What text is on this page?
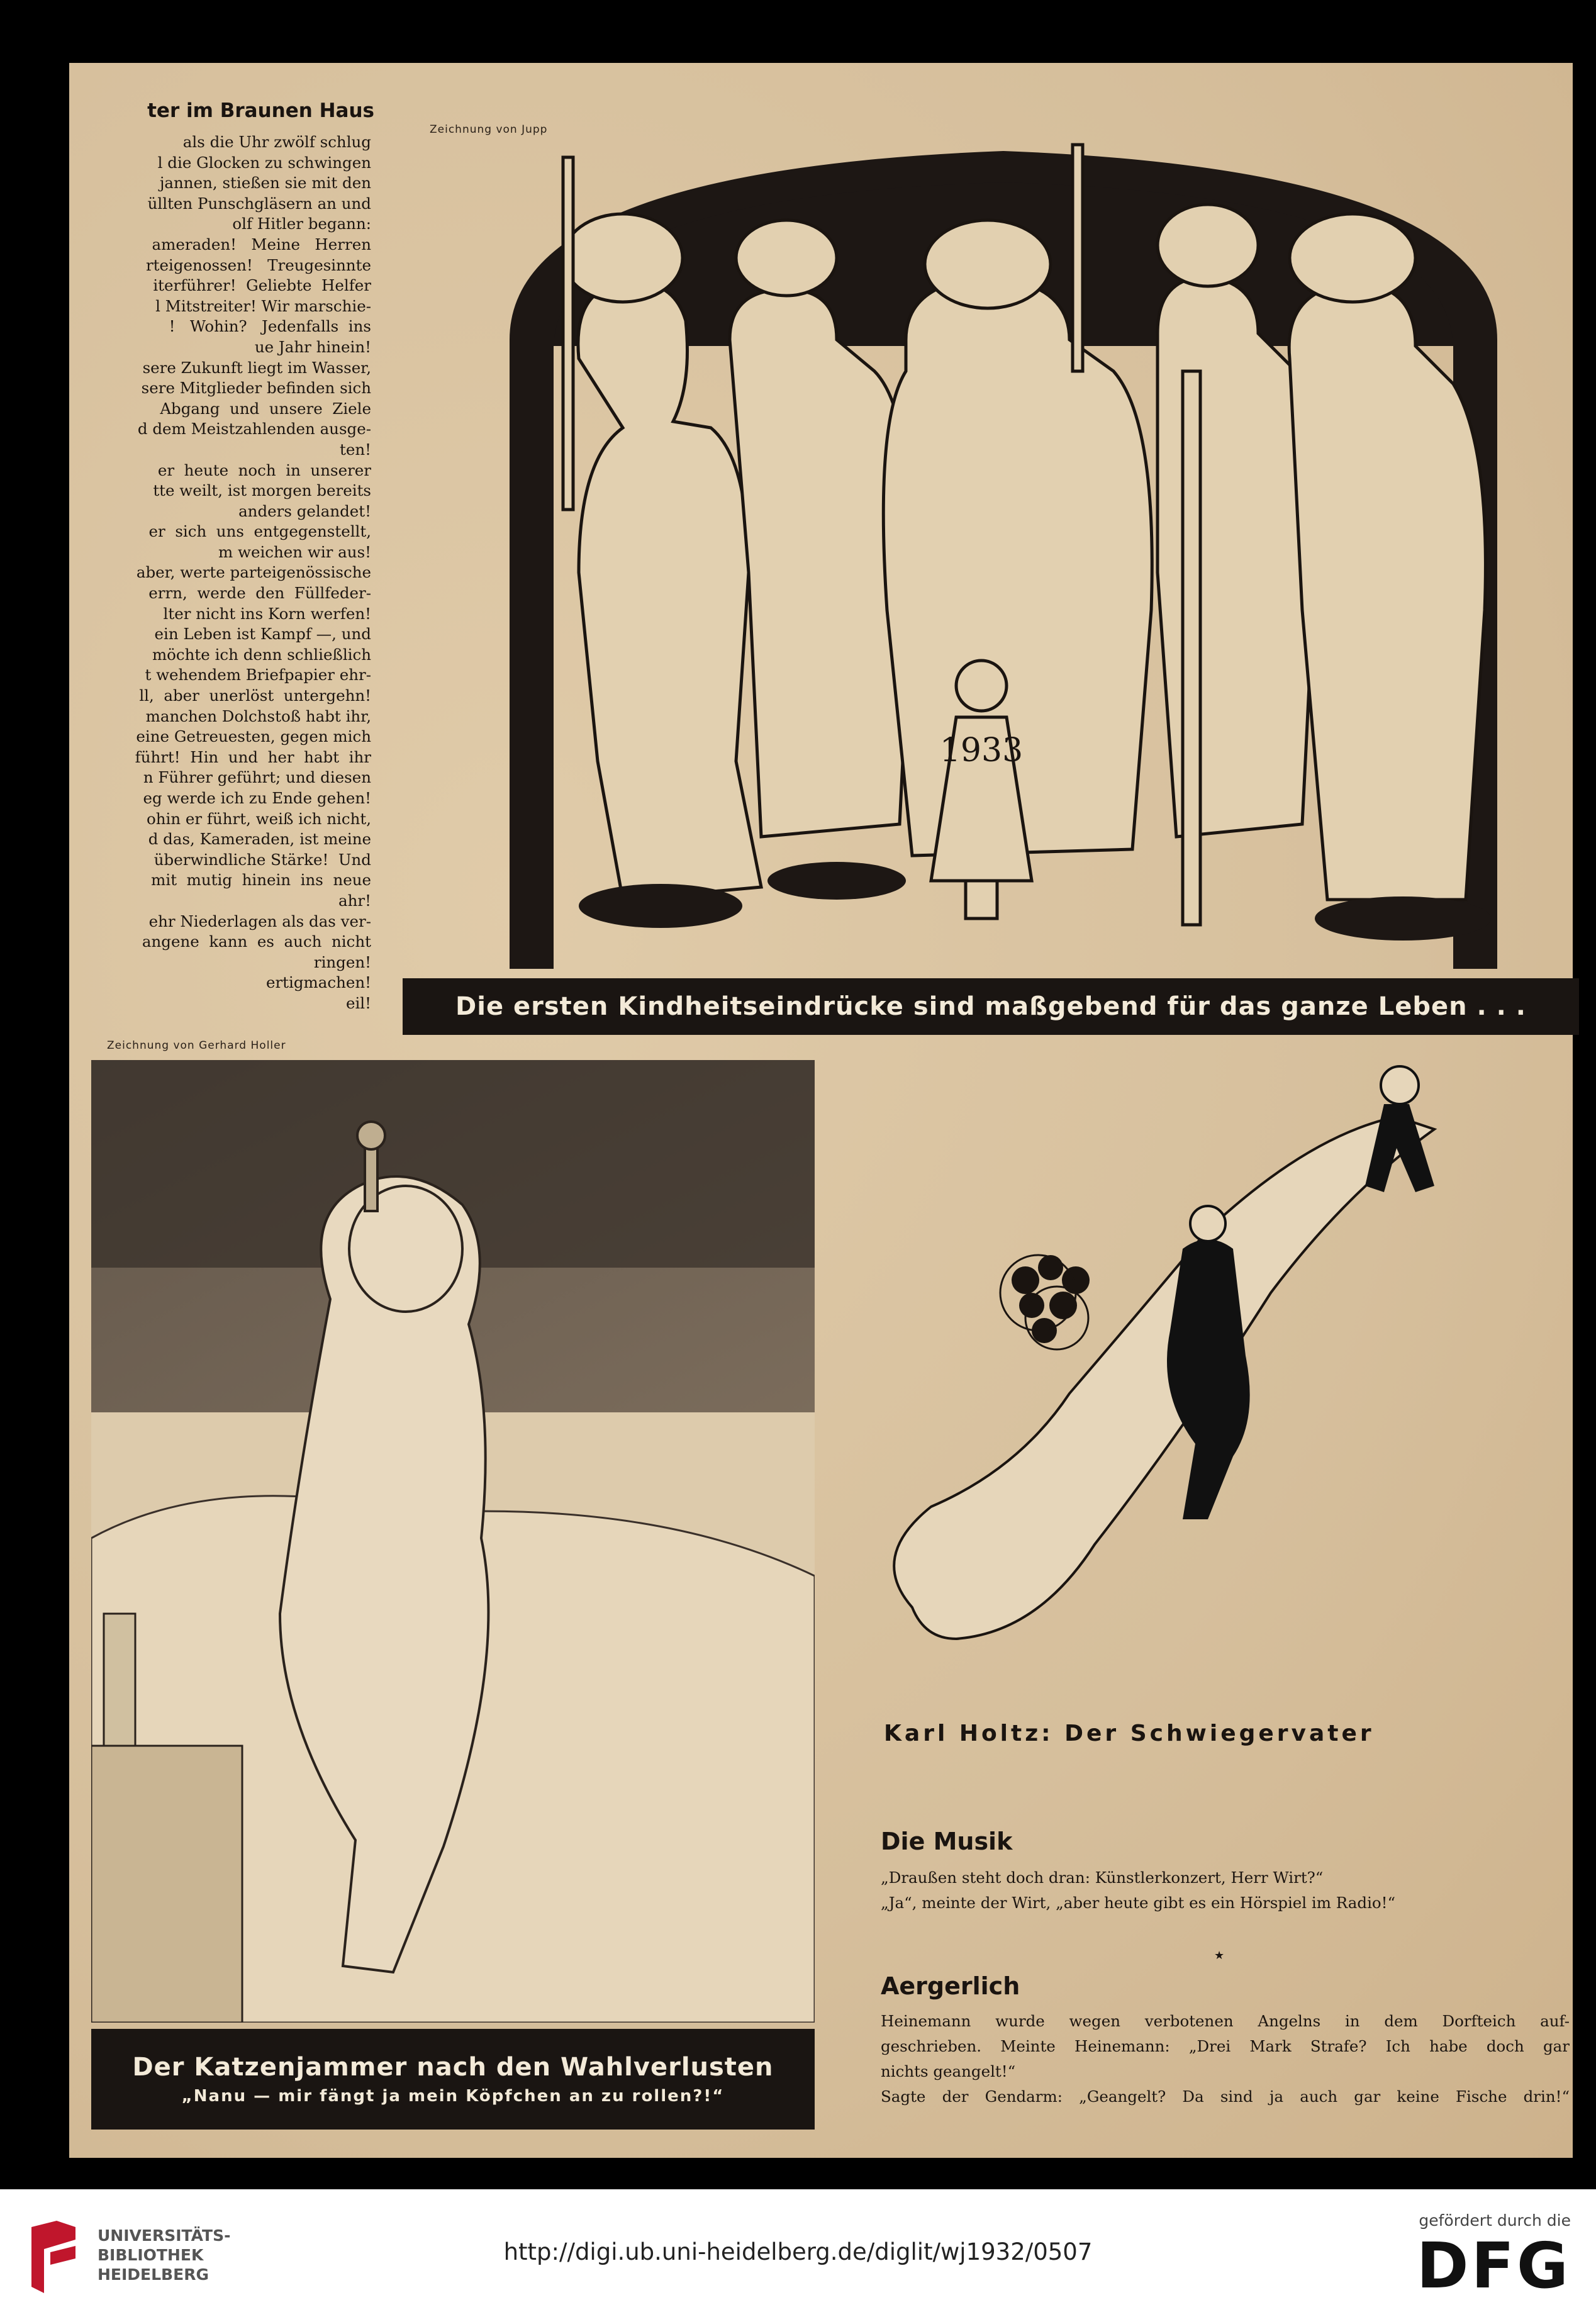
ter im Braunen Haus
als die Uhr zwölf schlug
l die Glocken zu schwingen
jannen, stießen sie mit den
üllten Punschgläsern an und
olf Hitler begann:
ameraden!   Meine   Herren
rteigenossen!   Treugesinnte
iterführer!  Geliebte  Helfer
l Mitstreiter! Wir marschie-
!   Wohin?   Jedenfalls  ins
ue Jahr hinein!
sere Zukunft liegt im Wasser,
sere Mitglieder befinden sich
Abgang  und  unsere  Ziele
d dem Meistzahlenden ausge-
ten!
er  heute  noch  in  unserer
tte weilt, ist morgen bereits
anders gelandet!
er  sich  uns  entgegenstellt,
m weichen wir aus!
aber, werte parteigenössische
errn,  werde  den  Füllfeder-
lter nicht ins Korn werfen!
ein Leben ist Kampf —, und
möchte ich denn schließlich
t wehendem Briefpapier ehr-
ll,  aber  unerlöst  untergehn!
manchen Dolchstoß habt ihr,
eine Getreuesten, gegen mich
führt!  Hin  und  her  habt  ihr
n Führer geführt; und diesen
eg werde ich zu Ende gehen!
ohin er führt, weiß ich nicht,
d das, Kameraden, ist meine
überwindliche Stärke!  Und
mit  mutig  hinein  ins  neue
ahr!
ehr Niederlagen als das ver-
angene  kann  es  auch  nicht
ringen!
ertigmachen!
eil!
Zeichnung von Gerhard Holler
Zeichnung von Jupp
1933
Die ersten Kindheitseindrücke sind maßgebend für das ganze Leben . . .
Der Katzenjammer nach den Wahlverlusten
„Nanu — mir fängt ja mein Köpfchen an zu rollen?!“
Karl Holtz: Der Schwiegervater
Die Musik
„Draußen steht doch dran: Künstlerkonzert, Herr Wirt?“
„Ja“, meinte der Wirt, „aber heute gibt es ein Hörspiel im Radio!“
★
Aergerlich
Heinemann wurde wegen verbotenen Angelns in dem Dorfteich auf-
geschrieben. Meinte Heinemann: „Drei Mark Strafe? Ich habe doch gar
nichts geangelt!“
Sagte der Gendarm: „Geangelt? Da sind ja auch gar keine Fische drin!“
UNIVERSITÄTS-
BIBLIOTHEK
HEIDELBERG
http://digi.ub.uni-heidelberg.de/diglit/wj1932/0507
gefördert durch die
DFG
